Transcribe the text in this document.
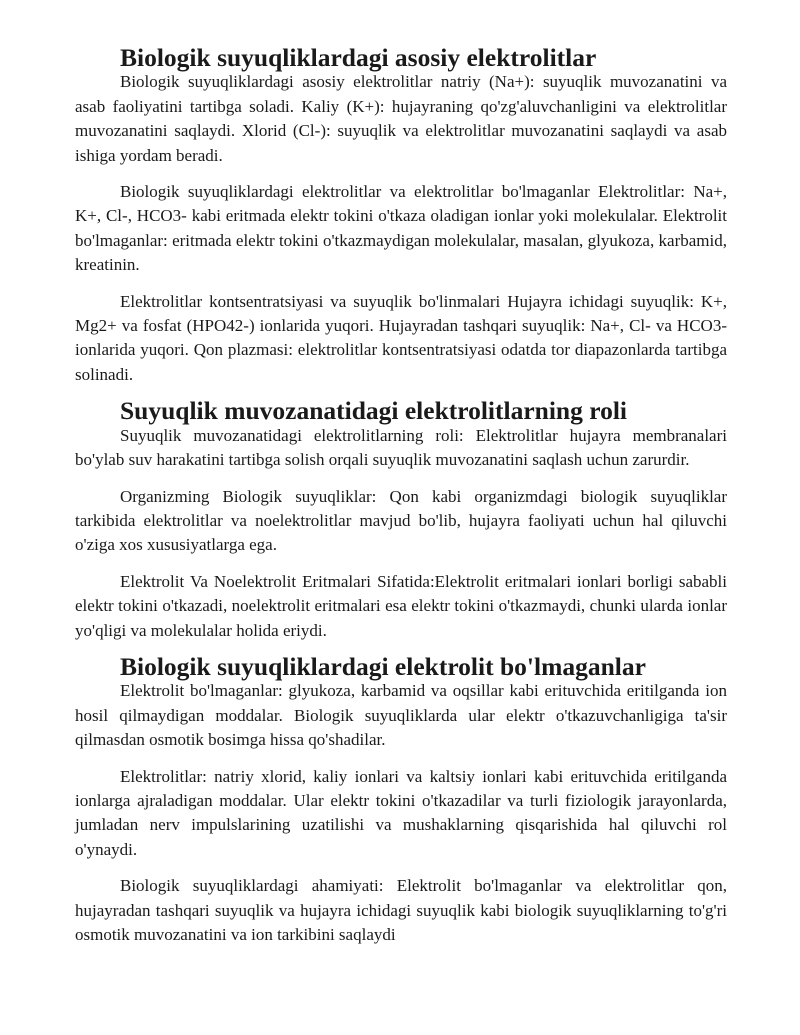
Biologik suyuqliklardagi asosiy elektrolitlar

Biologik suyuqliklardagi asosiy elektrolitlar natriy (Na+): suyuqlik muvozanatini va asab faoliyatini tartibga soladi. Kaliy (K+): hujayraning qo'zg'aluvchanligini va elektrolitlar muvozanatini saqlaydi. Xlorid (Cl-): suyuqlik va elektrolitlar muvozanatini saqlaydi va asab ishiga yordam beradi.

Biologik suyuqliklardagi elektrolitlar va elektrolitlar bo'lmaganlar Elektrolitlar: Na+, K+, Cl-, HCO3- kabi eritmada elektr tokini o'tkaza oladigan ionlar yoki molekulalar. Elektrolit bo'lmaganlar: eritmada elektr tokini o'tkazmaydigan molekulalar, masalan, glyukoza, karbamid, kreatinin.

Elektrolitlar kontsentratsiyasi va suyuqlik bo'linmalari Hujayra ichidagi suyuqlik: K+, Mg2+ va fosfat (HPO42-) ionlarida yuqori. Hujayradan tashqari suyuqlik: Na+, Cl- va HCO3- ionlarida yuqori. Qon plazmasi: elektrolitlar kontsentratsiyasi odatda tor diapazonlarda tartibga solinadi.

Suyuqlik muvozanatidagi elektrolitlarning roli

Suyuqlik muvozanatidagi elektrolitlarning roli: Elektrolitlar hujayra membranalari bo'ylab suv harakatini tartibga solish orqali suyuqlik muvozanatini saqlash uchun zarurdir.

Organizming Biologik suyuqliklar: Qon kabi organizmdagi biologik suyuqliklar tarkibida elektrolitlar va noelektrolitlar mavjud bo'lib, hujayra faoliyati uchun hal qiluvchi o'ziga xos xususiyatlarga ega.

Elektrolit Va Noelektrolit Eritmalari Sifatida:Elektrolit eritmalari ionlari borligi sababli elektr tokini o'tkazadi, noelektrolit eritmalari esa elektr tokini o'tkazmaydi, chunki ularda ionlar yo'qligi va molekulalar holida eriydi.

Biologik suyuqliklardagi elektrolit bo'lmaganlar

Elektrolit bo'lmaganlar: glyukoza, karbamid va oqsillar kabi erituvchida eritilganda ion hosil qilmaydigan moddalar. Biologik suyuqliklarda ular elektr o'tkazuvchanligiga ta'sir qilmasdan osmotik bosimga hissa qo'shadilar.

Elektrolitlar: natriy xlorid, kaliy ionlari va kaltsiy ionlari kabi erituvchida eritilganda ionlarga ajraladigan moddalar. Ular elektr tokini o'tkazadilar va turli fiziologik jarayonlarda, jumladan nerv impulslarining uzatilishi va mushaklarning qisqarishida hal qiluvchi rol o'ynaydi.

Biologik suyuqliklardagi ahamiyati: Elektrolit bo'lmaganlar va elektrolitlar qon, hujayradan tashqari suyuqlik va hujayra ichidagi suyuqlik kabi biologik suyuqliklarning to'g'ri osmotik muvozanatini va ion tarkibini saqlaydi
